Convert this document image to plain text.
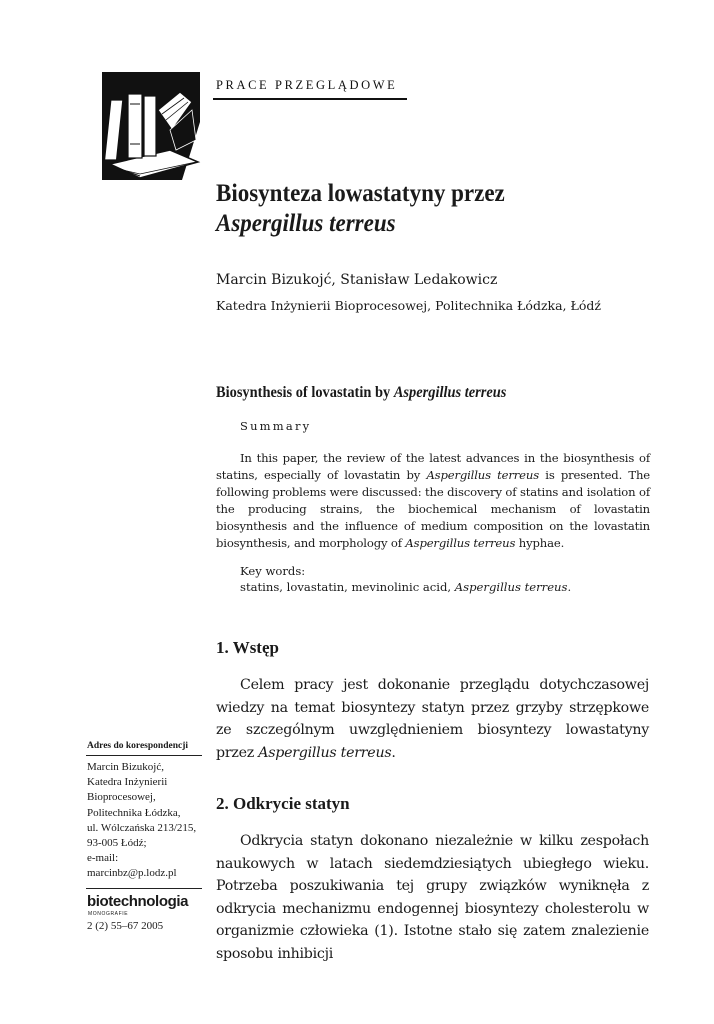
PRACE PRZEGLĄDOWE
Biosynteza lowastatyny przez
Aspergillus terreus
Marcin Bizukojć, Stanisław Ledakowicz
Katedra Inżynierii Bioprocesowej, Politechnika Łódzka, Łódź
Biosynthesis of lovastatin by Aspergillus terreus
Summary
In this paper, the review of the latest advances in the biosynthesis of statins, especially of lovastatin by Aspergillus terreus is presented. The following problems were discussed: the discovery of statins and isolation of the producing strains, the biochemical mechanism of lovastatin biosynthesis and the influence of medium composition on the lovastatin biosynthesis, and morphology of Aspergillus terreus hyphae.
Key words:
statins, lovastatin, mevinolinic acid, Aspergillus terreus.
1. Wstęp
Celem pracy jest dokonanie przeglądu dotychczasowej wiedzy na temat biosyntezy statyn przez grzyby strzępkowe ze szczególnym uwzględnieniem biosyntezy lowastatyny przez Aspergillus terreus.
2. Odkrycie statyn
Odkrycia statyn dokonano niezależnie w kilku zespołach naukowych w latach siedemdziesiątych ubiegłego wieku. Potrzeba poszukiwania tej grupy związków wyniknęła z odkrycia mechanizmu endogennej biosyntezy cholesterolu w organizmie człowieka (1). Istotne stało się zatem znalezienie sposobu inhibicji
Adres do korespondencji
Marcin Bizukojć,
Katedra Inżynierii
Bioprocesowej,
Politechnika Łódzka,
ul. Wólczańska 213/215,
93-005 Łódź;
e-mail:
marcinbz@p.lodz.pl
biotechnologia
MONOGRAFIE
2 (2) 55–67 2005
